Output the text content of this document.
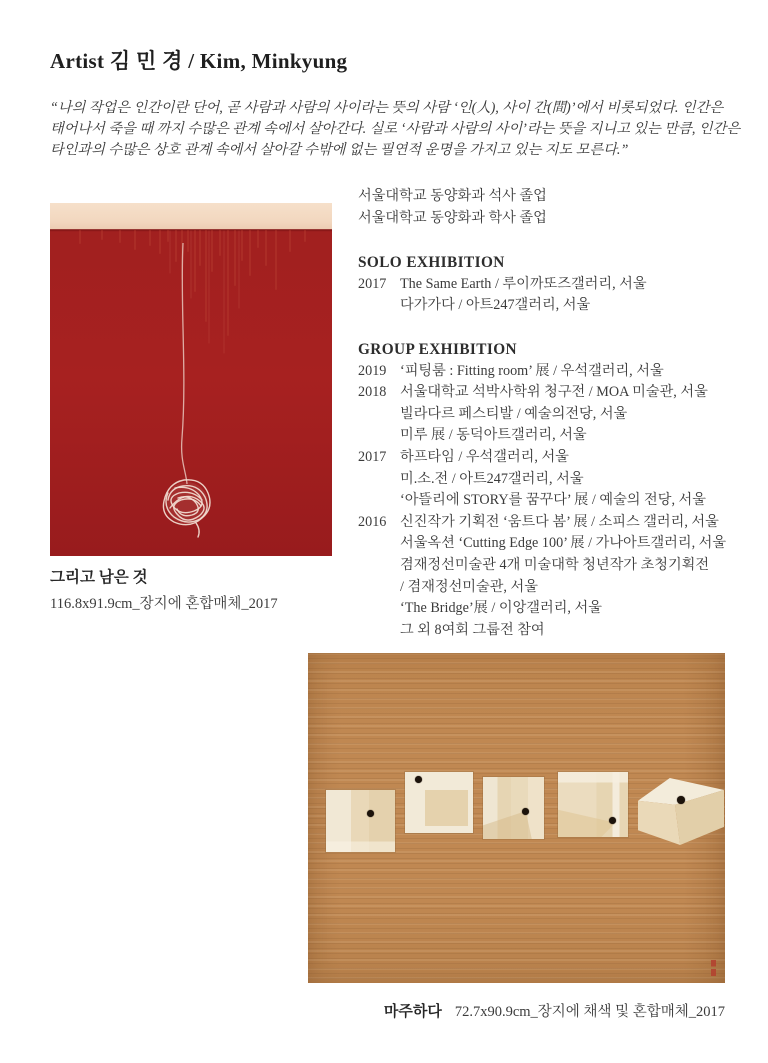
Artist 김 민 경 / Kim, Minkyung
“나의 작업은 인간이란 단어, 곧 사람과 사람의 사이라는 뜻의 사람 ‘인(人), 사이 간(間)’에서 비롯되었다. 인간은
태어나서 죽을 때 까지 수많은 관계 속에서 살아간다. 실로 ‘사람과 사람의 사이’라는 뜻을 지니고 있는 만큼, 인간은
타인과의 수많은 상호 관계 속에서 살아갈 수밖에 없는 필연적 운명을 가지고 있는 지도 모른다.”
그리고 남은 것
116.8x91.9cm_장지에 혼합매체_2017
서울대학교 동양화과 석사 졸업
서울대학교 동양화과 학사 졸업
SOLO EXHIBITION
2017 The Same Earth / 루이까또즈갤러리, 서울
다가가다 / 아트247갤러리, 서울
GROUP EXHIBITION
2019 ‘피팅룸 : Fitting room’ 展 / 우석갤러리, 서울
2018 서울대학교 석박사학위 청구전 / MOA 미술관, 서울
빌라다르 페스티발 / 예술의전당, 서울
미루 展 / 동덕아트갤러리, 서울
2017 하프타임 / 우석갤러리, 서울
미.소.전 / 아트247갤러리, 서울
‘아뜰리에 STORY를 꿈꾸다’ 展 / 예술의 전당, 서울
2016 신진작가 기획전 ‘움트다 봄’ 展 / 소피스 갤러리, 서울
서울옥션 ‘Cutting Edge 100’ 展 / 가나아트갤러리, 서울
겸재정선미술관 4개 미술대학 청년작가 초청기획전
/ 겸재정선미술관, 서울
‘The Bridge’展 / 이앙갤러리, 서울
그 외 8여회 그룹전 참여
마주하다 72.7x90.9cm_장지에 채색 및 혼합매체_2017
